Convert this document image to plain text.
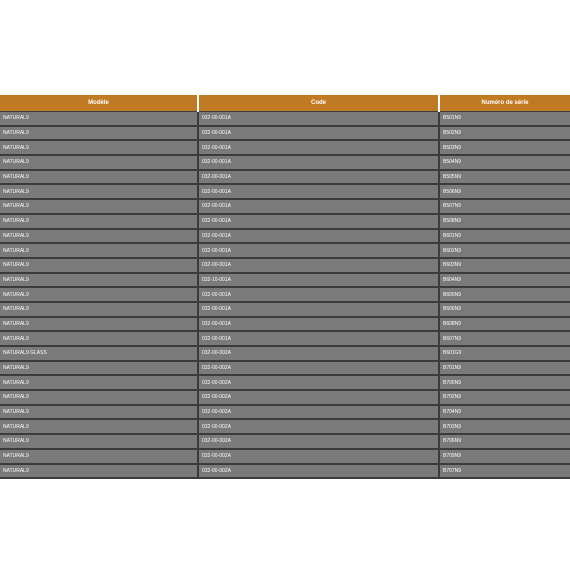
Modèle	Code	Numéro de série
NATURAL9	032-00-001A	B501N9
NATURAL9	032-00-001A	B502N9
NATURAL9	032-00-001A	B503N9
NATURAL9	032-00-001A	B504N9
NATURAL9	032-00-001A	B505N9
NATURAL9	032-00-001A	B506N9
NATURAL9	032-00-001A	B507N9
NATURAL9	032-00-001A	B508N9
NATURAL9	032-00-001A	B601N9
NATURAL9	032-00-001A	B602N9
NATURAL9	032-00-001A	B603N9
NATURAL9	032-10-001A	B604N9
NATURAL9	032-00-001A	B605N9
NATURAL9	032-00-001A	B606N9
NATURAL9	032-00-001A	B608N9
NATURAL9	032-00-001A	B607N9
NATURAL9 GLASS	032-00-002A	B601G9
NATURAL9	032-00-002A	B701N9
NATURAL9	032-00-002A	B705N9
NATURAL9	032-00-002A	B702N9
NATURAL9	032-00-002A	B704N9
NATURAL9	032-00-002A	B703N9
NATURAL9	032-00-002A	B706N9
NATURAL9	032-00-002A	B709N9
NATURAL9	032-00-002A	B707N9
